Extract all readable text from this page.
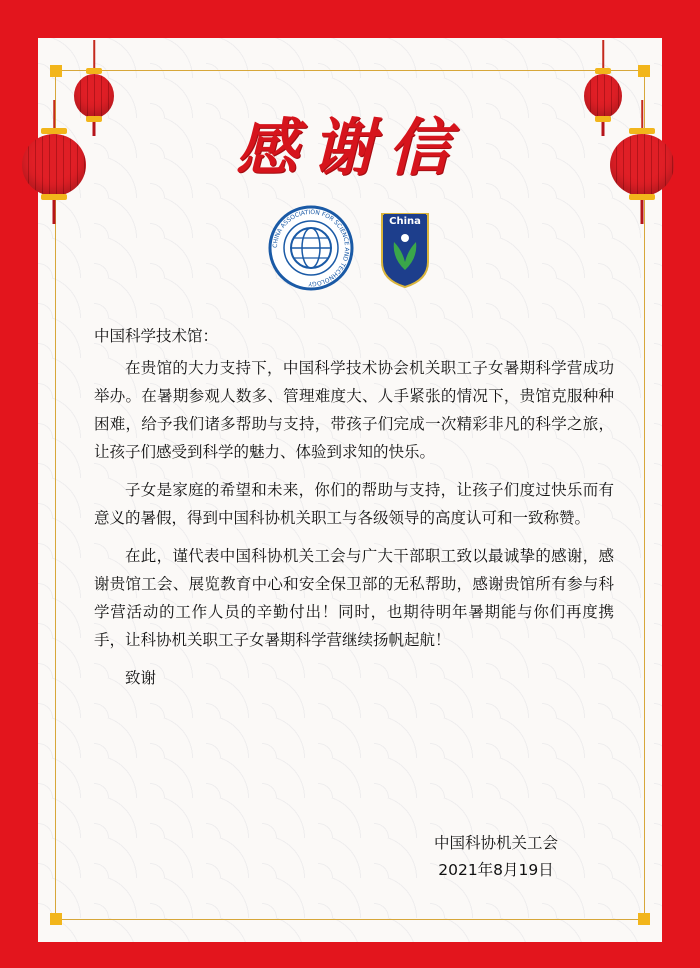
感谢信
CHINA ASSOCIATION FOR SCIENCE AND TECHNOLOGY
China
中国科学技术馆：

在贵馆的大力支持下，中国科学技术协会机关职工子女暑期科学营成功举办。在暑期参观人数多、管理难度大、人手紧张的情况下，贵馆克服种种困难，给予我们诸多帮助与支持，带孩子们完成一次精彩非凡的科学之旅，让孩子们感受到科学的魅力、体验到求知的快乐。

子女是家庭的希望和未来，你们的帮助与支持，让孩子们度过快乐而有意义的暑假，得到中国科协机关职工与各级领导的高度认可和一致称赞。

在此，谨代表中国科协机关工会与广大干部职工致以最诚挚的感谢，感谢贵馆工会、展览教育中心和安全保卫部的无私帮助，感谢贵馆所有参与科学营活动的工作人员的辛勤付出！同时，也期待明年暑期能与你们再度携手，让科协机关职工子女暑期科学营继续扬帆起航！

致谢
中国科协机关工会
2021年8月19日
